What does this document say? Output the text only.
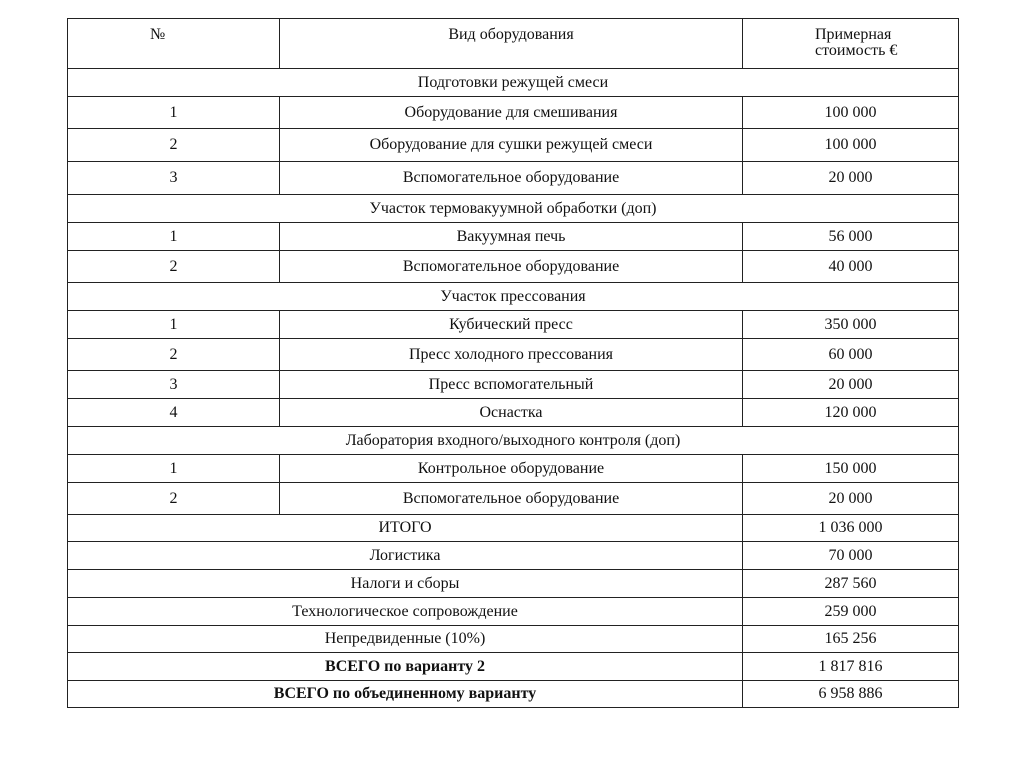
№	Вид оборудования	Примерная стоимость €
Подготовки режущей смеси		
1	Оборудование для смешивания	100 000
2	Оборудование для сушки режущей смеси	100 000
3	Вспомогательное оборудование	20 000
Участок термовакуумной обработки (доп)		
1	Вакуумная печь	56 000
2	Вспомогательное оборудование	40 000
Участок прессования		
1	Кубический пресс	350 000
2	Пресс холодного прессования	60 000
3	Пресс вспомогательный	20 000
4	Оснастка	120 000
Лаборатория входного/выходного контроля (доп)		
1	Контрольное оборудование	150 000
2	Вспомогательное оборудование	20 000
ИТОГО		1 036 000
Логистика		70 000
Налоги и сборы		287 560
Технологическое сопровождение		259 000
Непредвиденные (10%)		165 256
ВСЕГО по варианту 2		1 817 816
ВСЕГО по объединенному варианту		6 958 886
